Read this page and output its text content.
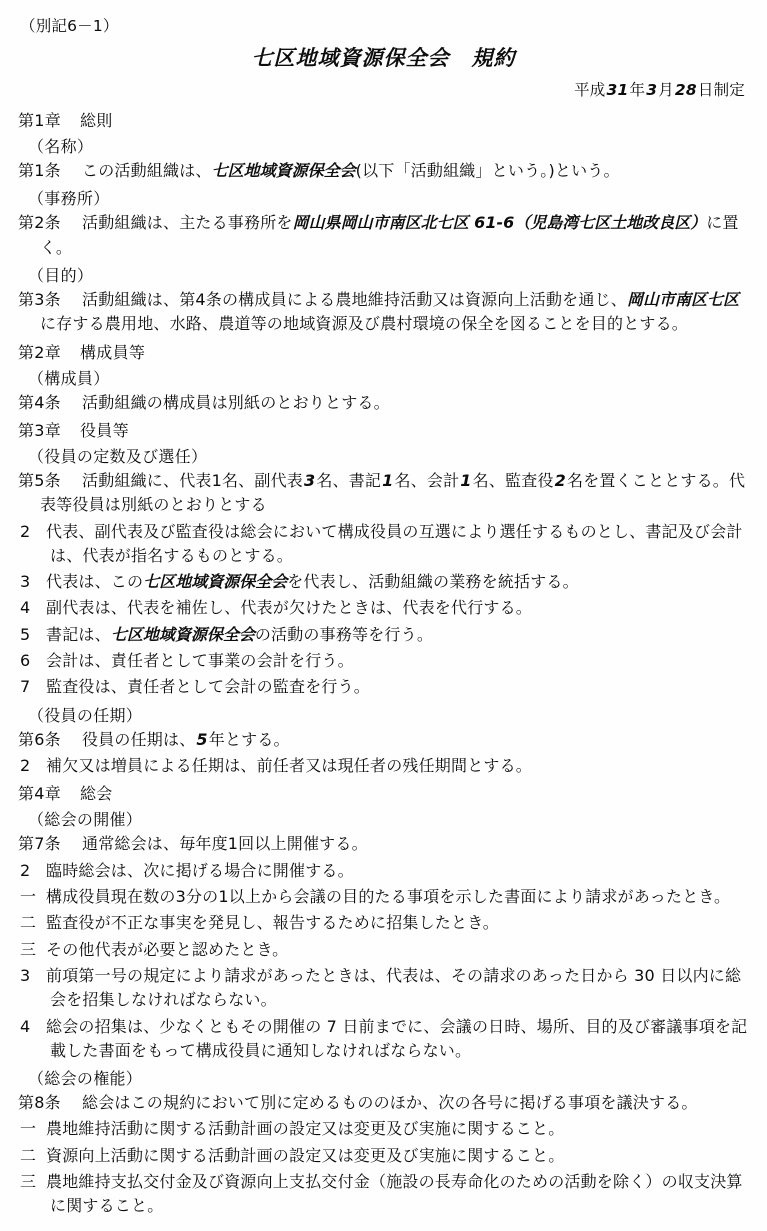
（別記6－1）
七区地域資源保全会　規約
平成31年3月28日制定
第1章 総則
（名称）
第1条 この活動組織は、七区地域資源保全会(以下「活動組織」という。)という。
（事務所）
第2条 活動組織は、主たる事務所を岡山県岡山市南区北七区 61-6（児島湾七区土地改良区）に置く。
（目的）
第3条 活動組織は、第4条の構成員による農地維持活動又は資源向上活動を通じ、岡山市南区七区に存する農用地、水路、農道等の地域資源及び農村環境の保全を図ることを目的とする。
第2章 構成員等
（構成員）
第4条 活動組織の構成員は別紙のとおりとする。
第3章 役員等
（役員の定数及び選任）
第5条 活動組織に、代表1名、副代表3名、書記1名、会計1名、監査役2名を置くこととする。代表等役員は別紙のとおりとする
2 代表、副代表及び監査役は総会において構成役員の互選により選任するものとし、書記及び会計は、代表が指名するものとする。
3 代表は、この七区地域資源保全会を代表し、活動組織の業務を統括する。
4 副代表は、代表を補佐し、代表が欠けたときは、代表を代行する。
5 書記は、七区地域資源保全会の活動の事務等を行う。
6 会計は、責任者として事業の会計を行う。
7 監査役は、責任者として会計の監査を行う。
（役員の任期）
第6条 役員の任期は、5年とする。
2 補欠又は増員による任期は、前任者又は現任者の残任期間とする。
第4章 総会
（総会の開催）
第7条 通常総会は、毎年度1回以上開催する。
2 臨時総会は、次に掲げる場合に開催する。
一 構成役員現在数の3分の1以上から会議の目的たる事項を示した書面により請求があったとき。
二 監査役が不正な事実を発見し、報告するために招集したとき。
三 その他代表が必要と認めたとき。
3 前項第一号の規定により請求があったときは、代表は、その請求のあった日から 30 日以内に総会を招集しなければならない。
4 総会の招集は、少なくともその開催の 7 日前までに、会議の日時、場所、目的及び審議事項を記載した書面をもって構成役員に通知しなければならない。
（総会の権能）
第8条 総会はこの規約において別に定めるもののほか、次の各号に掲げる事項を議決する。
一 農地維持活動に関する活動計画の設定又は変更及び実施に関すること。
二 資源向上活動に関する活動計画の設定又は変更及び実施に関すること。
三 農地維持支払交付金及び資源向上支払交付金（施設の長寿命化のための活動を除く）の収支決算に関すること。
